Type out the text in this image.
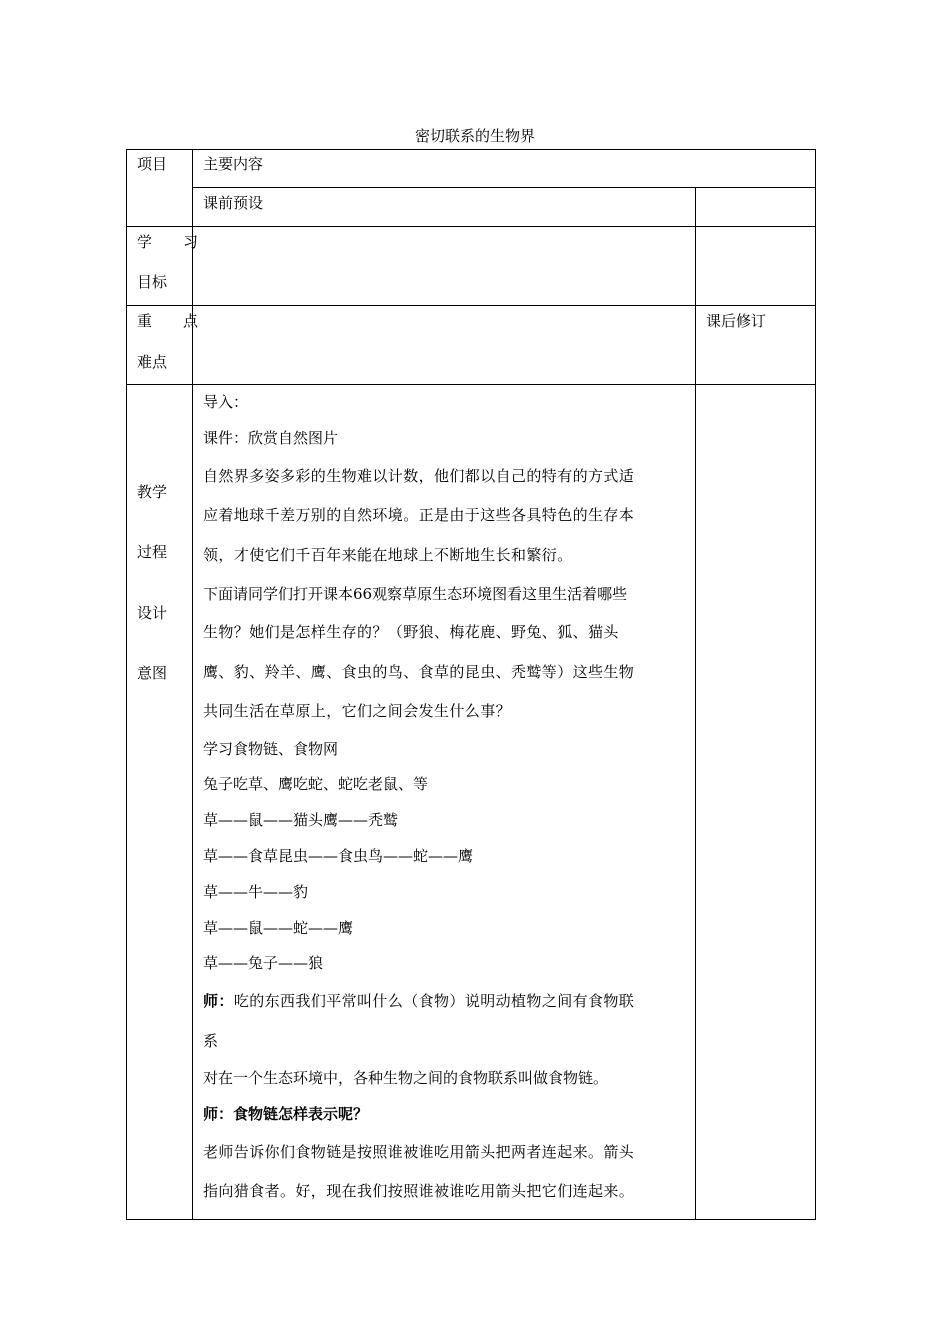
密切联系的生物界
项目 主要内容
课前预设
学　习
目标
重　点
难点
课后修订
教学
过程
设计
意图

导入：

课件：欣赏自然图片

自然界多姿多彩的生物难以计数，他们都以自己的特有的方式适

应着地球千差万别的自然环境。正是由于这些各具特色的生存本

领，才使它们千百年来能在地球上不断地生长和繁衍。

下面请同学们打开课本66观察草原生态环境图看这里生活着哪些

生物？她们是怎样生存的？（野狼、梅花鹿、野兔、狐、猫头

鹰、豹、羚羊、鹰、食虫的鸟、食草的昆虫、秃鹫等）这些生物

共同生活在草原上，它们之间会发生什么事？

学习食物链、食物网

兔子吃草、鹰吃蛇、蛇吃老鼠、等

草——鼠——猫头鹰——秃鹫

草——食草昆虫——食虫鸟——蛇——鹰

草——牛——豹

草——鼠——蛇——鹰

草——兔子——狼

师：吃的东西我们平常叫什么（食物）说明动植物之间有食物联

系

对在一个生态环境中，各种生物之间的食物联系叫做食物链。

师：食物链怎样表示呢？

老师告诉你们食物链是按照谁被谁吃用箭头把两者连起来。箭头

指向猎食者。好，现在我们按照谁被谁吃用箭头把它们连起来。
